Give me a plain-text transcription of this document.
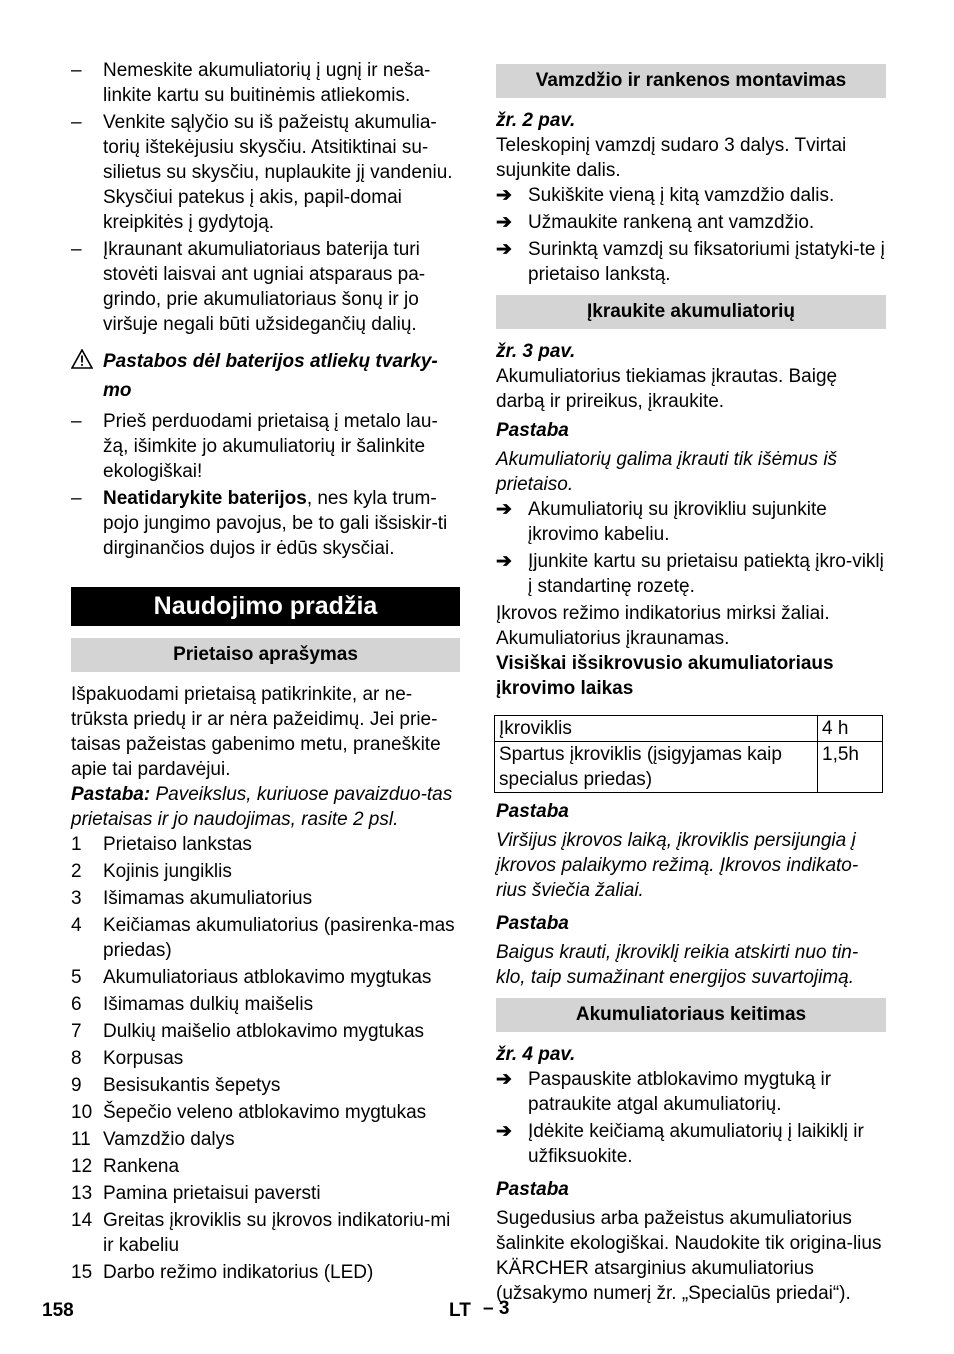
– Nemeskite akumuliatorių į ugnį ir neša-linkite kartu su buitinėmis atliekomis.

– Venkite sąlyčio su iš pažeistų akumulia-torių ištekėjusiu skysčiu. Atsitiktinai su-silietus su skysčiu, nuplaukite jį vandeniu. Skysčiui patekus į akis, papil-domai kreipkitės į gydytoją.

– Įkraunant akumuliatoriaus baterija turi stovėti laisvai ant ugniai atsparaus pa-grindo, prie akumuliatoriaus šonų ir jo viršuje negali būti užsidegančių dalių.

Pastabos dėl baterijos atliekų tvarky-mo

– Prieš perduodami prietaisą į metalo lau-žą, išimkite jo akumuliatorių ir šalinkite ekologiškai!

– Neatidarykite baterijos, nes kyla trum-pojo jungimo pavojus, be to gali išsiskir-ti dirginančios dujos ir ėdūs skysčiai.

Naudojimo pradžia
Prietaiso aprašymas

Išpakuodami prietaisą patikrinkite, ar ne-trūksta priedų ir ar nėra pažeidimų. Jei prie-taisas pažeistas gabenimo metu, praneškite apie tai pardavėjui.

Pastaba: Paveikslus, kuriuose pavaizduo-tas prietaisas ir jo naudojimas, rasite 2 psl.

1 Prietaiso lankstas
2 Kojinis jungiklis
3 Išimamas akumuliatorius
4 Keičiamas akumuliatorius (pasirenka-mas priedas)
5 Akumuliatoriaus atblokavimo mygtukas
6 Išimamas dulkių maišelis
7 Dulkių maišelio atblokavimo mygtukas
8 Korpusas
9 Besisukantis šepetys
10 Šepečio veleno atblokavimo mygtukas
11 Vamzdžio dalys
12 Rankena
13 Pamina prietaisui paversti
14 Greitas įkroviklis su įkrovos indikatoriu-mi ir kabeliu
15 Darbo režimo indikatorius (LED)
Vamzdžio ir rankenos montavimas

žr. 2 pav.

Teleskopinį vamzdį sudaro 3 dalys. Tvirtai sujunkite dalis.

➔ Sukiškite vieną į kitą vamzdžio dalis.

➔ Užmaukite rankeną ant vamzdžio.

➔ Surinktą vamzdį su fiksatoriumi įstatyki-te į prietaiso lankstą.

Įkraukite akumuliatorių

žr. 3 pav.

Akumuliatorius tiekiamas įkrautas. Baigę darbą ir prireikus, įkraukite.

Pastaba

Akumuliatorių galima įkrauti tik išėmus iš prietaiso.

➔ Akumuliatorių su įkrovikliu sujunkite įkrovimo kabeliu.

➔ Įjunkite kartu su prietaisu patiektą įkro-viklį į standartinę rozetę.

Įkrovos režimo indikatorius mirksi žaliai. Akumuliatorius įkraunamas.

Visiškai išsikrovusio akumuliatoriaus įkrovimo laikas

Įkroviklis	4 h
Spartus įkroviklis (įsigyjamas kaip specialus priedas)	1,5h

Pastaba

Viršijus įkrovos laiką, įkroviklis persijungia į įkrovos palaikymo režimą. Įkrovos indikato-rius šviečia žaliai.

Pastaba

Baigus krauti, įkroviklį reikia atskirti nuo tin-klo, taip sumažinant energijos suvartojimą.

Akumuliatoriaus keitimas

žr. 4 pav.

➔ Paspauskite atblokavimo mygtuką ir patraukite atgal akumuliatorių.

➔ Įdėkite keičiamą akumuliatorių į laikiklį ir užfiksuokite.

Pastaba

Sugedusius arba pažeistus akumuliatorius šalinkite ekologiškai. Naudokite tik origina-lius KÄRCHER atsarginius akumuliatorius (užsakymo numerį žr. „Specialūs priedai“).

158	LT – 3
